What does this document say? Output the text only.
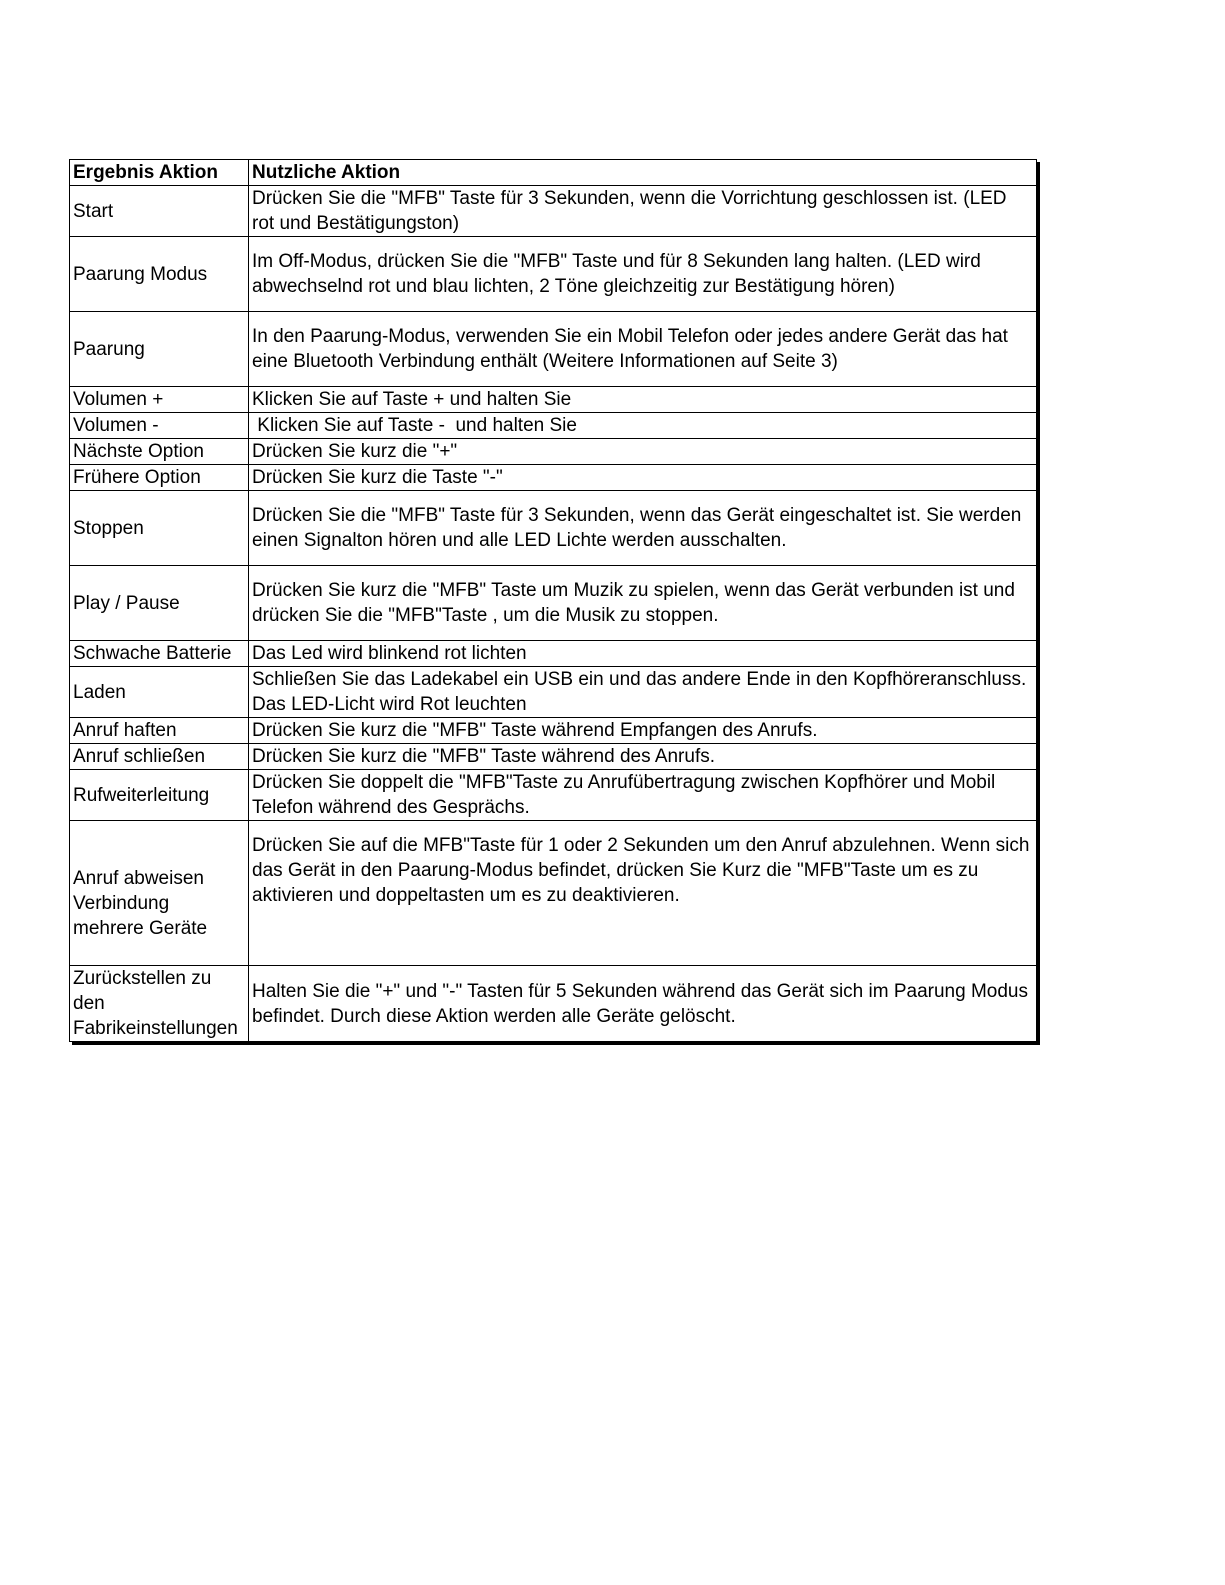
Ergebnis Aktion	Nutzliche Aktion
Start	Drücken Sie die "MFB" Taste für 3 Sekunden, wenn die Vorrichtung geschlossen ist. (LED rot und Bestätigungston)
Paarung Modus	Im Off-Modus, drücken Sie die "MFB" Taste und für 8 Sekunden lang halten. (LED wird abwechselnd rot und blau lichten, 2 Töne gleichzeitig zur Bestätigung hören)
Paarung	In den Paarung-Modus, verwenden Sie ein Mobil Telefon oder jedes andere Gerät das hat eine Bluetooth Verbindung enthält (Weitere Informationen auf Seite 3)
Volumen +	Klicken Sie auf Taste + und halten Sie
Volumen -	Klicken Sie auf Taste -  und halten Sie
Nächste Option	Drücken Sie kurz die "+"
Frühere Option	Drücken Sie kurz die Taste "-"
Stoppen	Drücken Sie die "MFB" Taste für 3 Sekunden, wenn das Gerät eingeschaltet ist. Sie werden einen Signalton hören und alle LED Lichte werden ausschalten.
Play / Pause	Drücken Sie kurz die "MFB" Taste um Muzik zu spielen, wenn das Gerät verbunden ist und drücken Sie die "MFB"Taste , um die Musik zu stoppen.
Schwache Batterie	Das Led wird blinkend rot lichten
Laden	Schließen Sie das Ladekabel ein USB ein und das andere Ende in den Kopfhöreranschluss. Das LED-Licht wird Rot leuchten
Anruf haften	Drücken Sie kurz die "MFB" Taste während Empfangen des Anrufs.
Anruf schließen	Drücken Sie kurz die "MFB" Taste während des Anrufs.
Rufweiterleitung	Drücken Sie doppelt die "MFB"Taste zu Anrufübertragung zwischen Kopfhörer und Mobil Telefon während des Gesprächs.
Anruf abweisen Verbindung mehrere Geräte	Drücken Sie auf die MFB"Taste für 1 oder 2 Sekunden um den Anruf abzulehnen. Wenn sich das Gerät in den Paarung-Modus befindet, drücken Sie Kurz die "MFB"Taste um es zu aktivieren und doppeltasten um es zu deaktivieren.
Zurückstellen zu den Fabrikeinstellungen	Halten Sie die "+" und "-" Tasten für 5 Sekunden während das Gerät sich im Paarung Modus befindet. Durch diese Aktion werden alle Geräte gelöscht.
